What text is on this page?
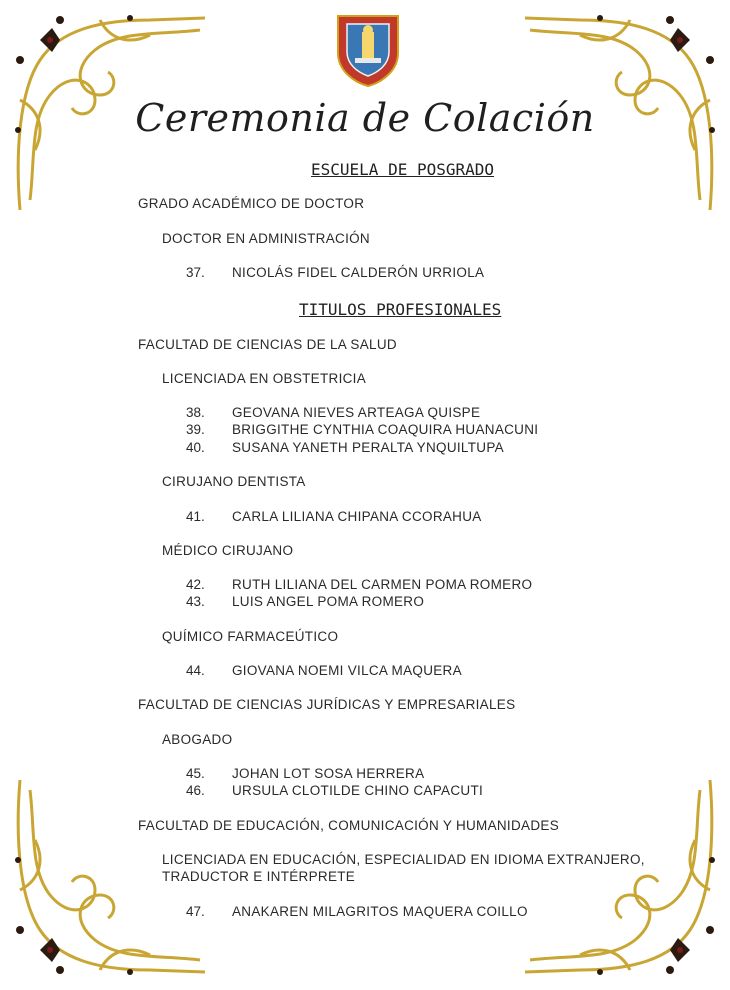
Ceremonia de Colación
ESCUELA DE POSGRADO
GRADO ACADÉMICO DE DOCTOR
DOCTOR EN ADMINISTRACIÓN
37. NICOLÁS FIDEL CALDERÓN URRIOLA
TITULOS PROFESIONALES
FACULTAD DE CIENCIAS DE LA SALUD
LICENCIADA EN OBSTETRICIA
38. GEOVANA NIEVES ARTEAGA QUISPE
39. BRIGGITHE CYNTHIA COAQUIRA HUANACUNI
40. SUSANA YANETH PERALTA YNQUILTUPA
CIRUJANO DENTISTA
41. CARLA LILIANA CHIPANA CCORAHUA
MÉDICO CIRUJANO
42. RUTH LILIANA DEL CARMEN POMA ROMERO
43. LUIS ANGEL POMA ROMERO
QUÍMICO FARMACEÚTICO
44. GIOVANA NOEMI VILCA MAQUERA
FACULTAD DE CIENCIAS JURÍDICAS Y EMPRESARIALES
ABOGADO
45. JOHAN LOT SOSA HERRERA
46. URSULA CLOTILDE CHINO CAPACUTI
FACULTAD DE EDUCACIÓN, COMUNICACIÓN Y HUMANIDADES
LICENCIADA EN EDUCACIÓN, ESPECIALIDAD EN IDIOMA EXTRANJERO,
TRADUCTOR E INTÉRPRETE
47. ANAKAREN MILAGRITOS MAQUERA COILLO
